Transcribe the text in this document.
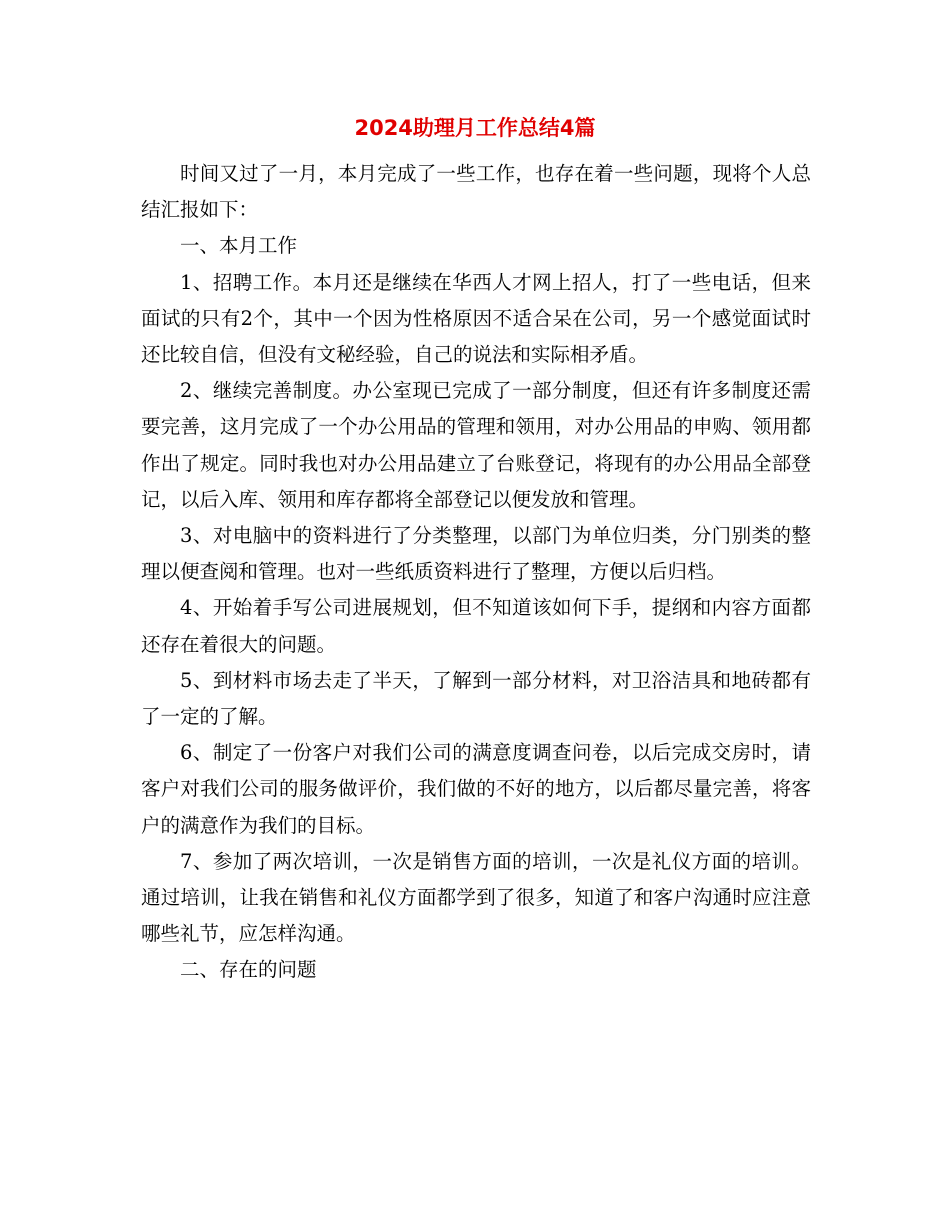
2024助理月工作总结4篇

时间又过了一月，本月完成了一些工作，也存在着一些问题，现将个人总结汇报如下：

一、本月工作

1、招聘工作。本月还是继续在华西人才网上招人，打了一些电话，但来面试的只有2个，其中一个因为性格原因不适合呆在公司，另一个感觉面试时还比较自信，但没有文秘经验，自己的说法和实际相矛盾。

2、继续完善制度。办公室现已完成了一部分制度，但还有许多制度还需要完善，这月完成了一个办公用品的管理和领用，对办公用品的申购、领用都作出了规定。同时我也对办公用品建立了台账登记，将现有的办公用品全部登记，以后入库、领用和库存都将全部登记以便发放和管理。

3、对电脑中的资料进行了分类整理，以部门为单位归类，分门别类的整理以便查阅和管理。也对一些纸质资料进行了整理，方便以后归档。

4、开始着手写公司进展规划，但不知道该如何下手，提纲和内容方面都还存在着很大的问题。

5、到材料市场去走了半天，了解到一部分材料，对卫浴洁具和地砖都有了一定的了解。

6、制定了一份客户对我们公司的满意度调查问卷，以后完成交房时，请客户对我们公司的服务做评价，我们做的不好的地方，以后都尽量完善，将客户的满意作为我们的目标。

7、参加了两次培训，一次是销售方面的培训，一次是礼仪方面的培训。通过培训，让我在销售和礼仪方面都学到了很多，知道了和客户沟通时应注意哪些礼节，应怎样沟通。

二、存在的问题
